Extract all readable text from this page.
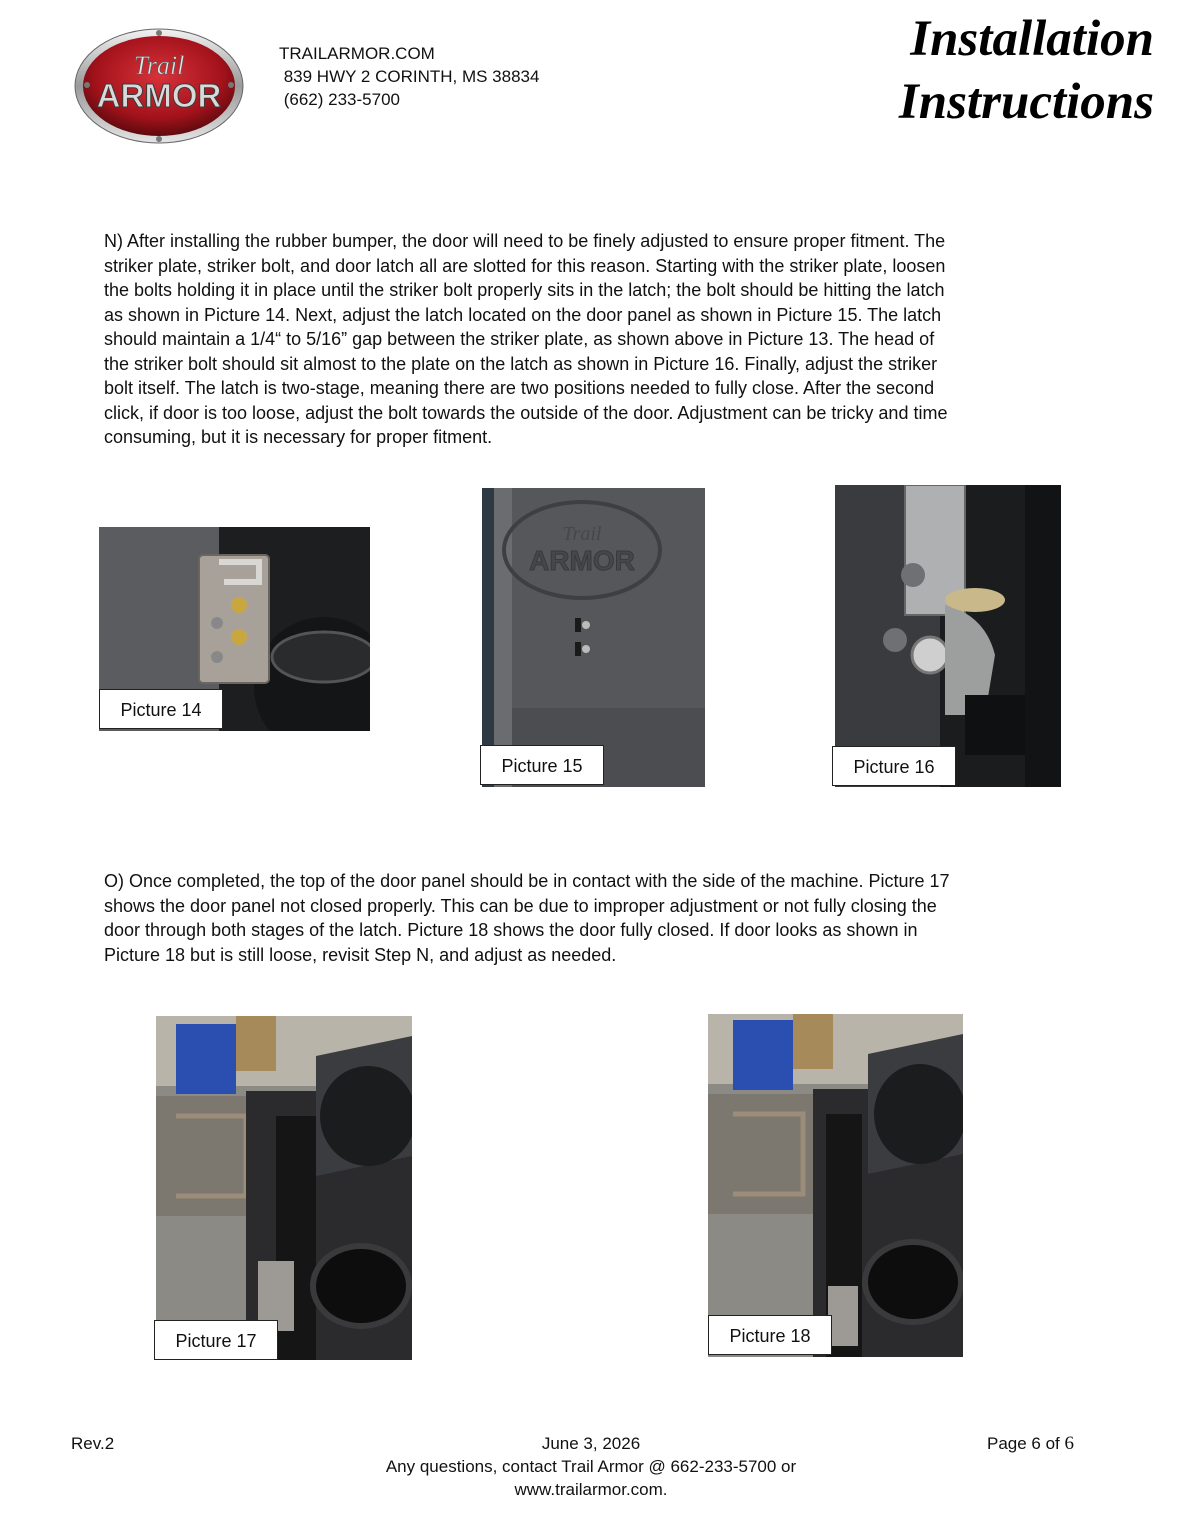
Trail
ARMOR
TRAILARMOR.COM
839 HWY 2 CORINTH, MS 38834
(662) 233-5700
Installation
Instructions
N) After installing the rubber bumper, the door will need to be finely adjusted to ensure proper fitment. The
striker plate, striker bolt, and door latch all are slotted for this reason. Starting with the striker plate, loosen
the bolts holding it in place until the striker bolt properly sits in the latch; the bolt should be hitting the latch
as shown in Picture 14. Next, adjust the latch located on the door panel as shown in Picture 15. The latch
should maintain a 1/4“ to 5/16” gap between the striker plate, as shown above in Picture 13. The head of
the striker bolt should sit almost to the plate on the latch as shown in Picture 16. Finally, adjust the striker
bolt itself. The latch is two-stage, meaning there are two positions needed to fully close. After the second
click, if door is too loose, adjust the bolt towards the outside of the door. Adjustment can be tricky and time
consuming, but it is necessary for proper fitment.
Picture 14
Trail
ARMOR
Picture 15	Picture 16
O) Once completed, the top of the door panel should be in contact with the side of the machine. Picture 17
shows the door panel not closed properly. This can be due to improper adjustment or not fully closing the
door through both stages of the latch. Picture 18 shows the door fully closed. If door looks as shown in
Picture 18 but is still loose, revisit Step N, and adjust as needed.
Picture 17	Picture 18
Rev.2	June 3, 2026
Any questions, contact Trail Armor @ 662-233-5700 or
www.trailarmor.com.
Page 6 of 6
